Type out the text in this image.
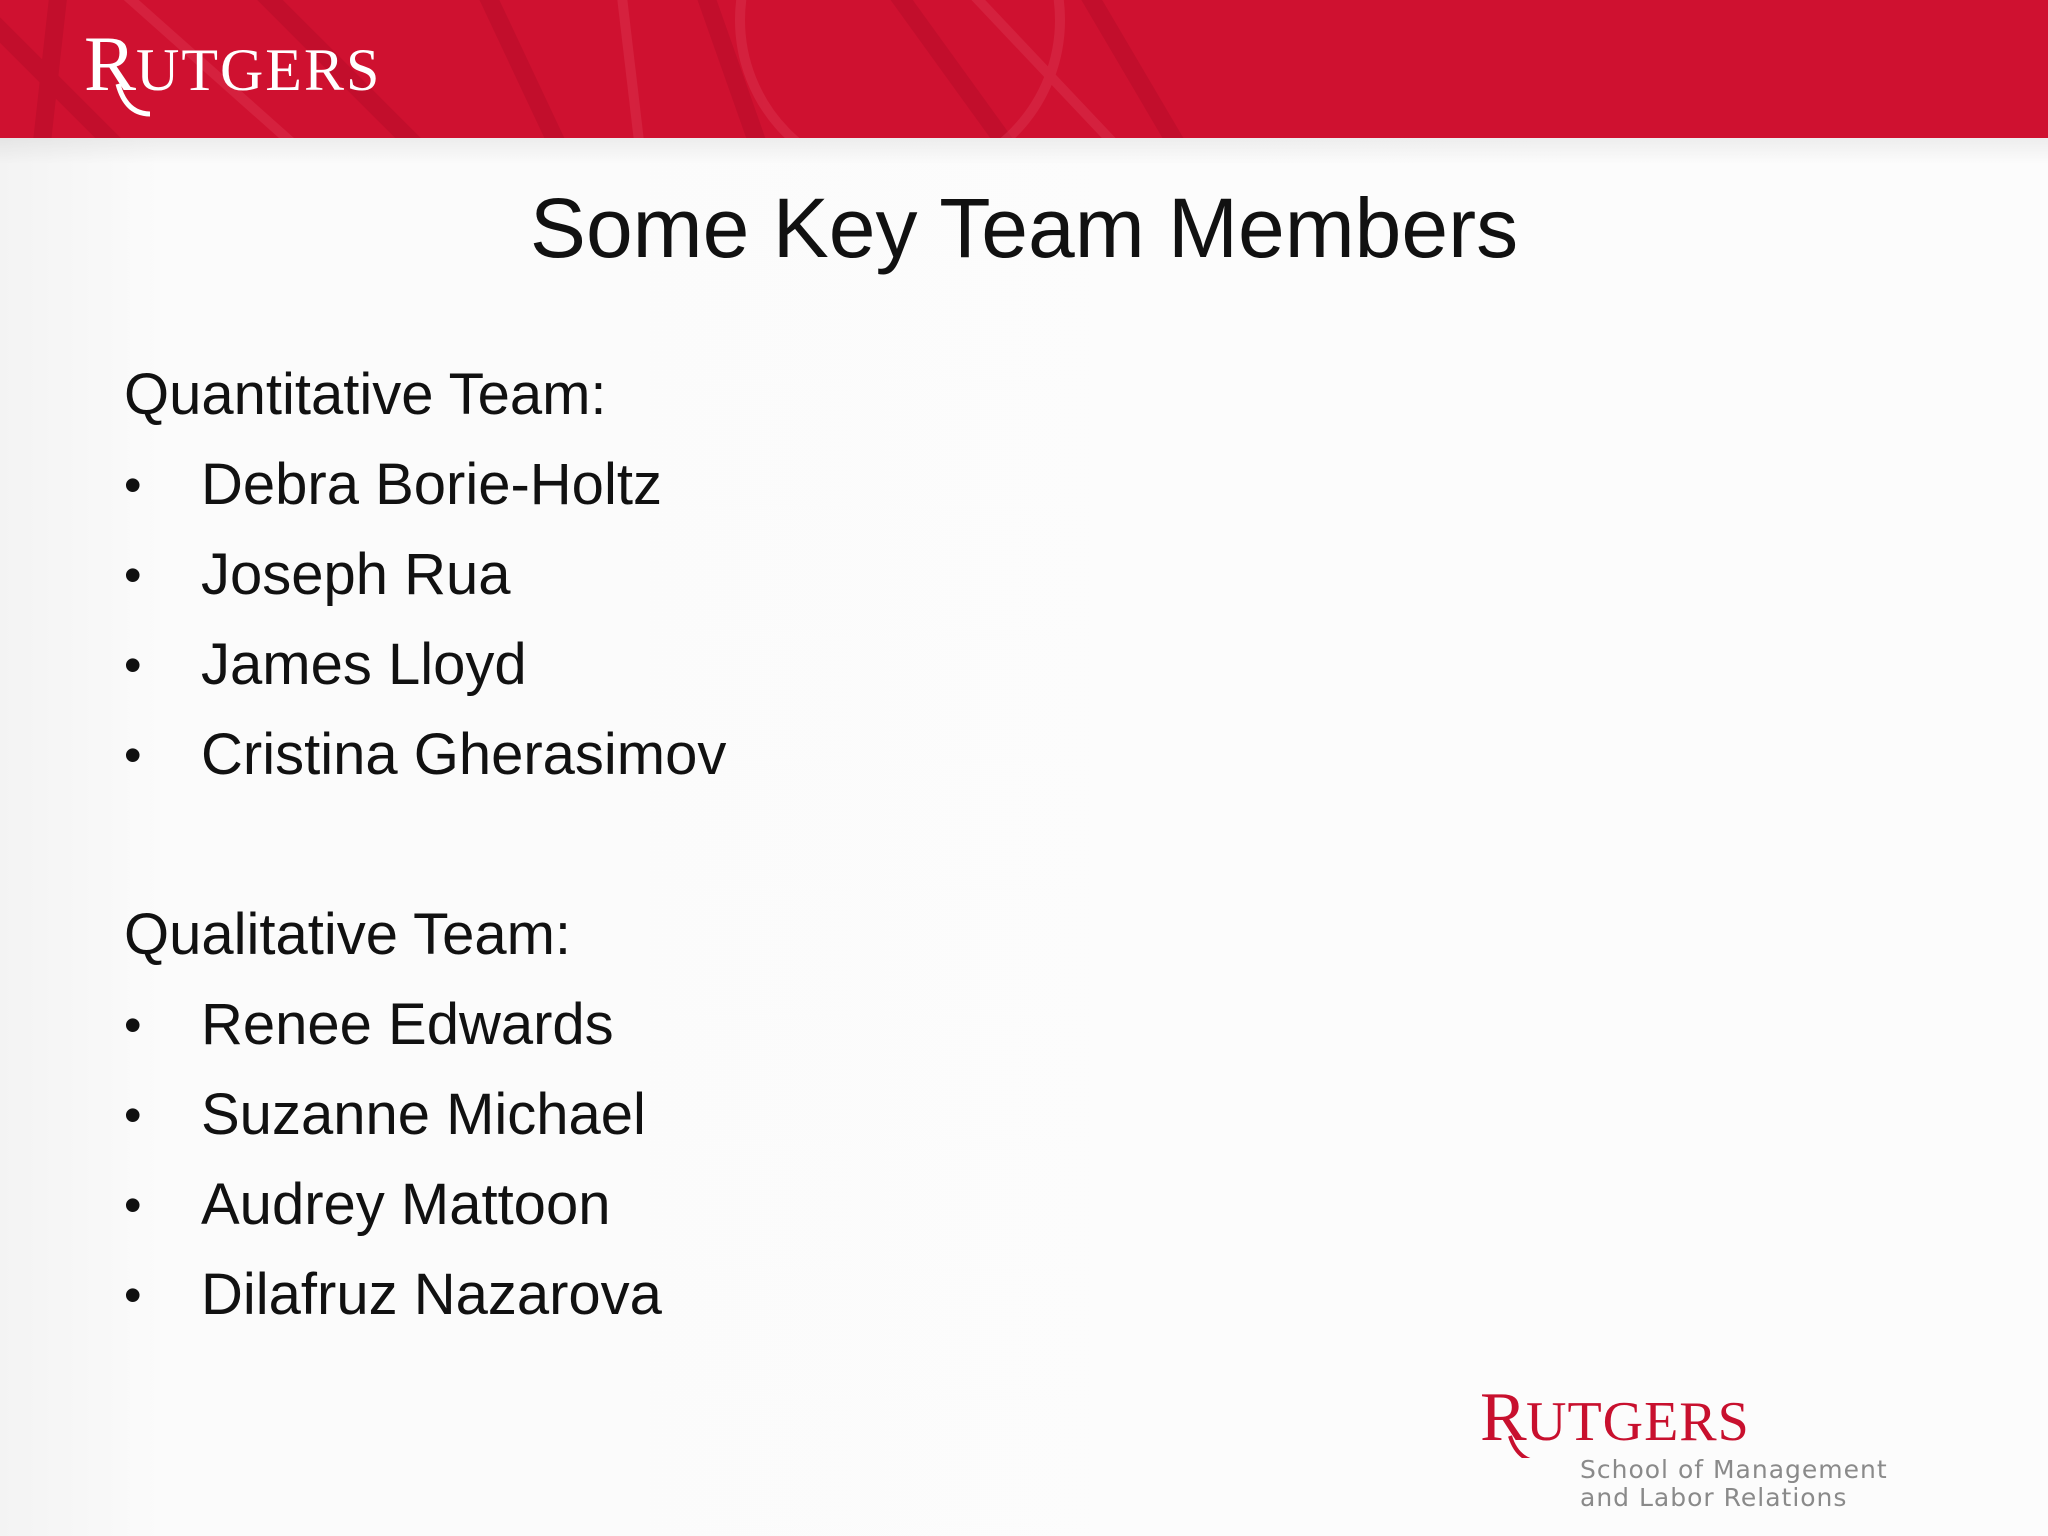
R
UTGERS
Some Key Team Members
Quantitative Team:
•	Debra Borie-Holtz
•	Joseph Rua
•	James Lloyd
•	Cristina Gherasimov
Qualitative Team:
•	Renee Edwards
•	Suzanne Michael
•	Audrey Mattoon
•	Dilafruz Nazarova
R UTGERS
School of Management
and Labor Relations
